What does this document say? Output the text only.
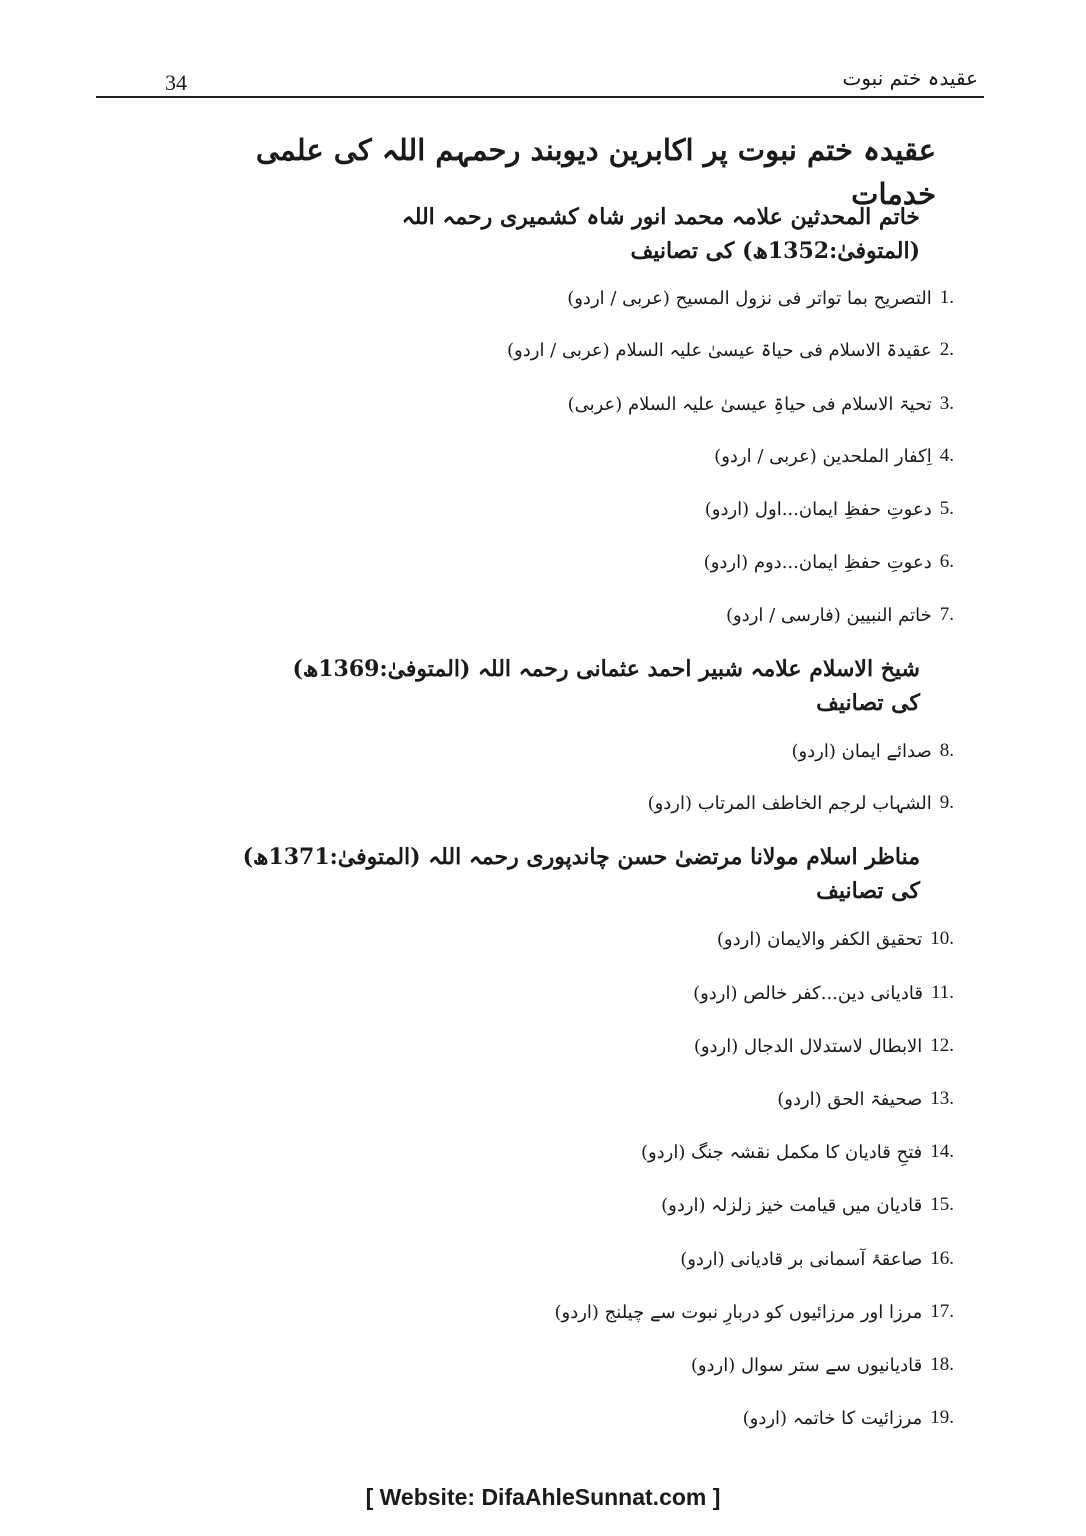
34	عقیدہ ختم نبوت
عقیدہ ختم نبوت پر اکابرین دیوبند رحمہم اللہ کی علمی خدمات
خاتم المحدثین علامہ محمد انور شاہ کشمیری رحمہ اللہ (المتوفیٰ:1352ھ) کی تصانیف
1.
التصریح بما تواتر فی نزول المسیح (عربی / اردو)
2.
عقیدۃ الاسلام فی حیاۃ عیسیٰ علیہ السلام (عربی / اردو)
3.
تحیۃ الاسلام فی حیاۃِ عیسیٰ علیہ السلام (عربی)
4.
اِکفار الملحدین (عربی / اردو)
5.
دعوتِ حفظِ ایمان...اول (اردو)
6.
دعوتِ حفظِ ایمان...دوم (اردو)
7.
خاتم النبیین (فارسی / اردو)
شیخ الاسلام علامہ شبیر احمد عثمانی رحمہ اللہ (المتوفیٰ:1369ھ) کی تصانیف
8.
صدائے ایمان (اردو)
9.
الشہاب لرجم الخاطف المرتاب (اردو)
مناظر اسلام مولانا مرتضیٰ حسن چاندپوری رحمہ اللہ (المتوفیٰ:1371ھ) کی تصانیف
10.
تحقیق الکفر والایمان (اردو)
11.
قادیانی دین...کفر خالص (اردو)
12.
الابطال لاستدلال الدجال (اردو)
13.
صحیفۃ الحق (اردو)
14.
فتحِ قادیان کا مکمل نقشہ جنگ (اردو)
15.
قادیان میں قیامت خیز زلزلہ (اردو)
16.
صاعقۂ آسمانی بر قادیانی (اردو)
17.
مرزا اور مرزائیوں کو دربارِ نبوت سے چیلنج (اردو)
18.
قادیانیوں سے ستر سوال (اردو)
19.
مرزائیت کا خاتمہ (اردو)
[ Website: DifaAhleSunnat.com ]
